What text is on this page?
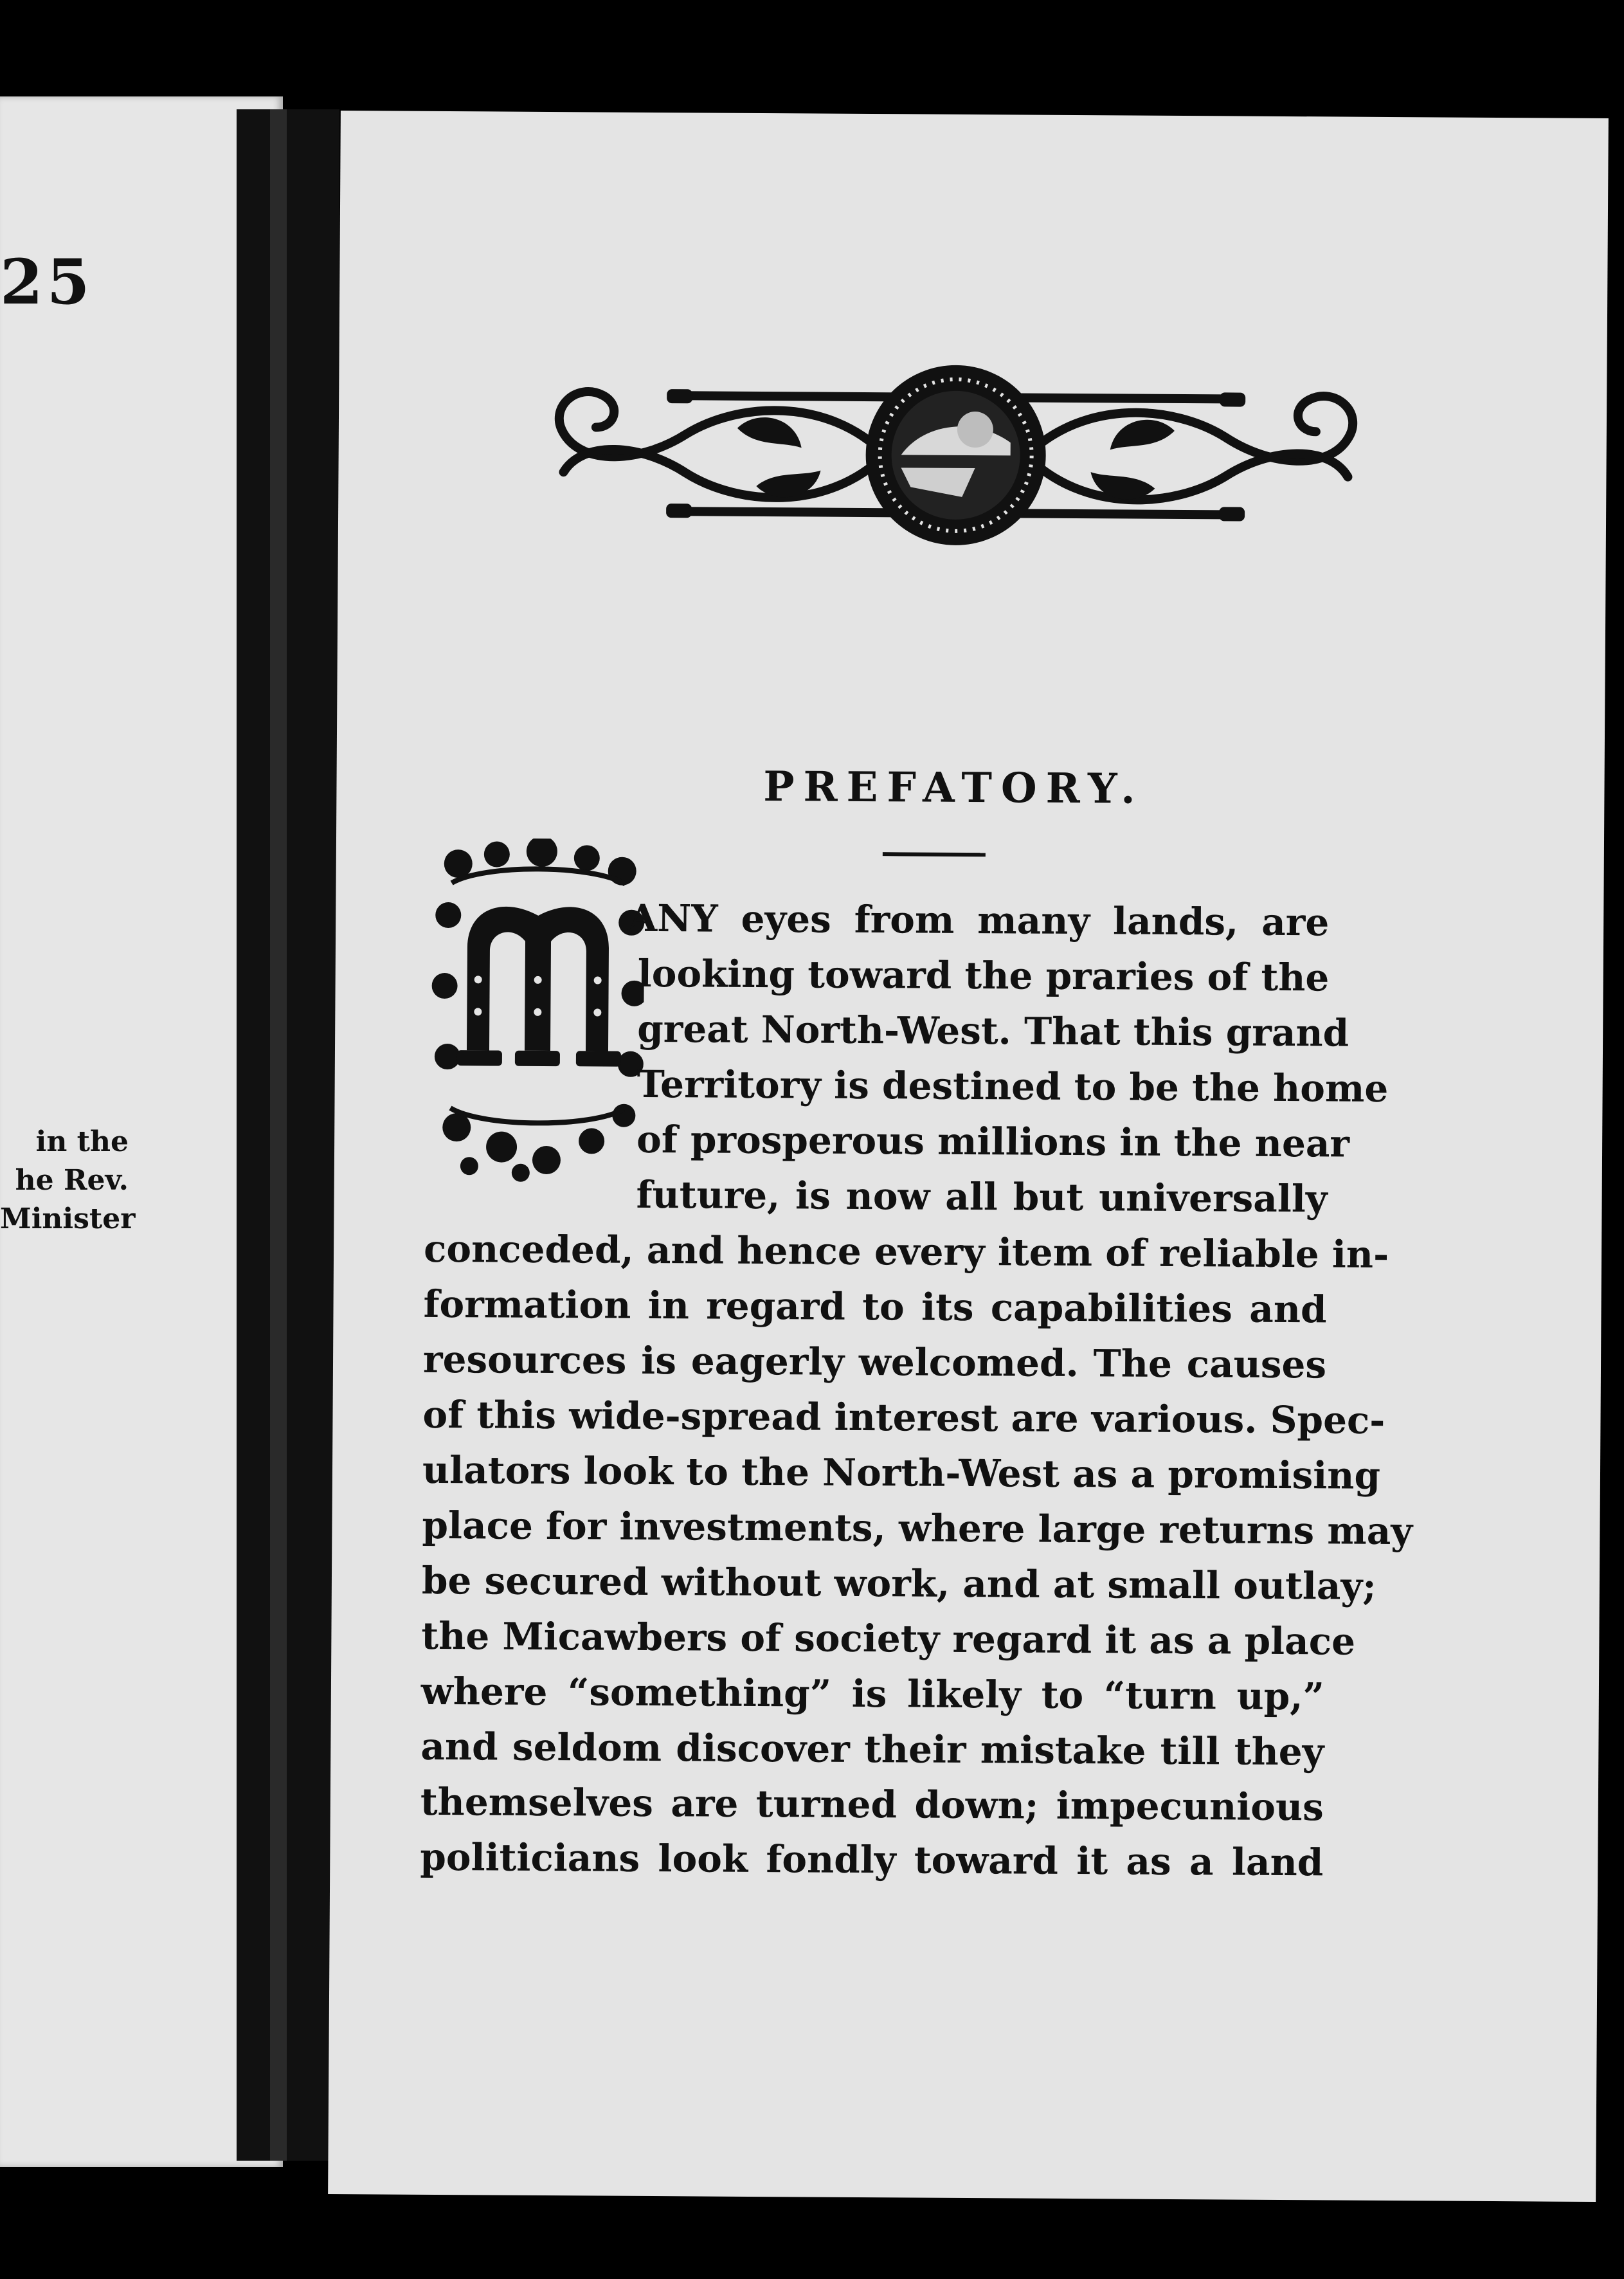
25
in the
he Rev.
Minister
PREFATORY.
ANY eyes from many lands, are
looking toward the praries of the
great North-West. That this grand
Territory is destined to be the home
of prosperous millions in the near
future, is now all but universally
conceded, and hence every item of reliable in-
formation in regard to its capabilities and
resources is eagerly welcomed. The causes
of this wide-spread interest are various. Spec-
ulators look to the North-West as a promising
place for investments, where large returns may
be secured without work, and at small outlay;
the Micawbers of society regard it as a place
where “something” is likely to “turn up,”
and seldom discover their mistake till they
themselves are turned down; impecunious
politicians look fondly toward it as a land
